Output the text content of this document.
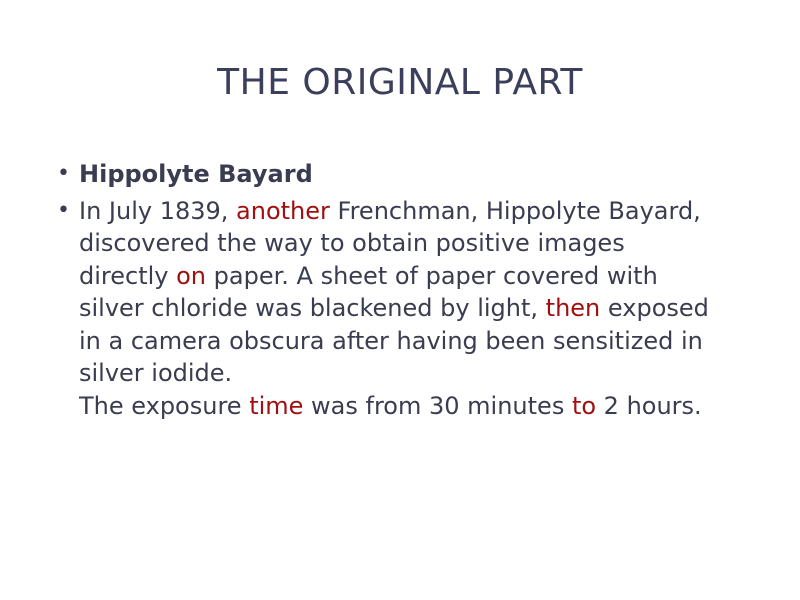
THE ORIGINAL PART
• Hippolyte Bayard
• In July 1839, another Frenchman, Hippolyte Bayard, discovered the way to obtain positive images directly on paper. A sheet of paper covered with silver chloride was blackened by light, then exposed in a camera obscura after having been sensitized in silver iodide.
The exposure time was from 30 minutes to 2 hours.
